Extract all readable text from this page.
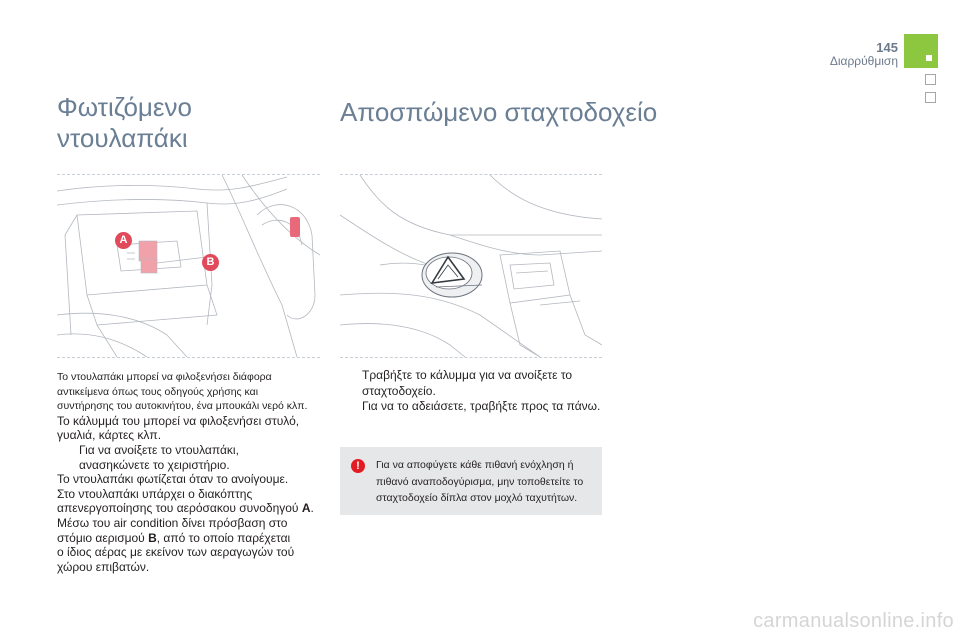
145
Διαρρύθμιση
Φωτιζόμενο
ντουλαπάκι
A
B

Το ντουλαπάκι μπορεί να φιλοξενήσει διάφορα

αντικείμενα όπως τους οδηγούς χρήσης και

συντήρησης του αυτοκινήτου, ένα μπουκάλι νερό κλπ.

Το κάλυμμά του μπορεί να φιλοξενήσει στυλό,

γυαλιά, κάρτες κλπ.

Για να ανοίξετε το ντουλαπάκι,
ανασηκώνετε το χειριστήριο.

Το ντουλαπάκι φωτίζεται όταν το ανοίγουμε.

Στο ντουλαπάκι υπάρχει ο διακόπτης

απενεργοποίησης του αερόσακου συνοδηγού A.

Μέσω του air condition δίνει πρόσβαση στο

στόμιο αερισμού B, από το οποίο παρέχεται

ο ίδιος αέρας με εκείνον των αεραγωγών τού

χώρου επιβατών.

Αποσπώμενο σταχτοδοχείο
Τραβήξτε το κάλυμμα για να ανοίξετε το
σταχτοδοχείο.
Για να το αδειάσετε, τραβήξτε προς τα πάνω.
!	Για να αποφύγετε κάθε πιθανή ενόχληση ή
πιθανό αναποδογύρισμα, μην τοποθετείτε το
σταχτοδοχείο δίπλα στον μοχλό ταχυτήτων.
carmanualsonline.info
